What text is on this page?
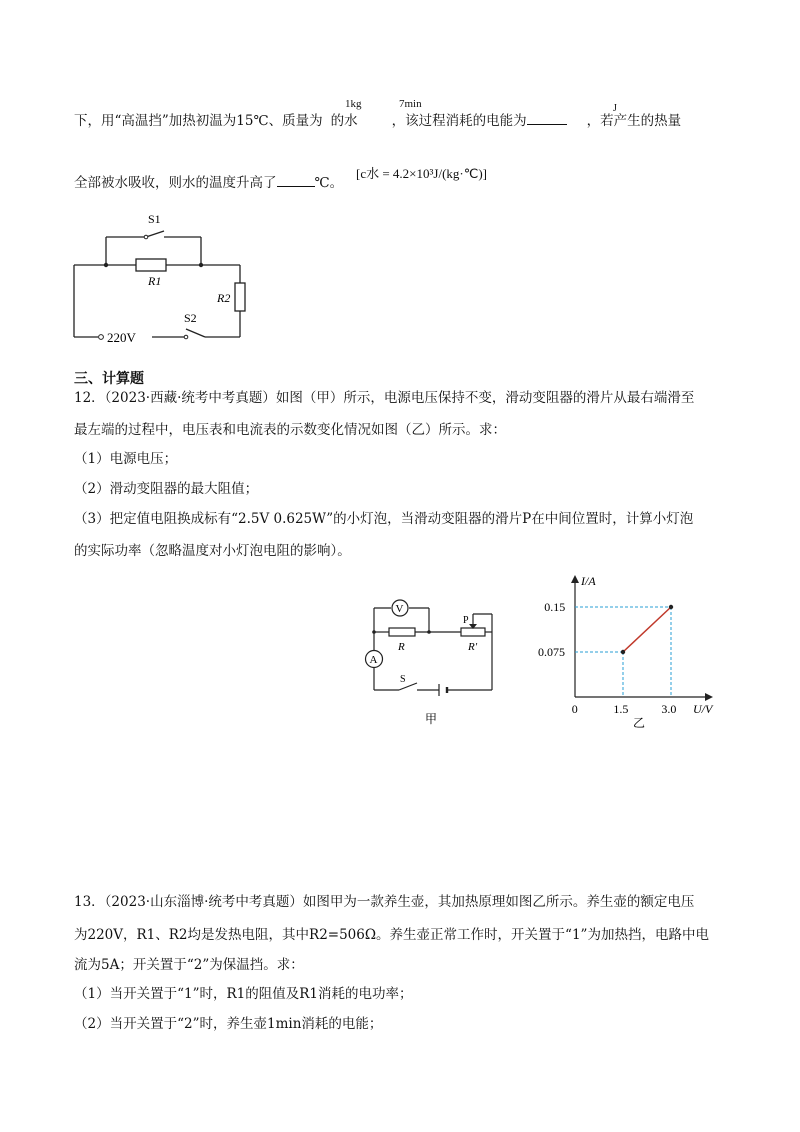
1kg	7min	J
下，用“高温挡”加热初温为15℃、质量为 的水	，该过程消耗的电能为	，若产生的热量
全部被水吸收，则水的温度升高了	℃。
[c水 = 4.2×10³J/(kg·℃)]
S1
R1
R2
S2
220V
三、计算题
12．（2023·西藏·统考中考真题）如图（甲）所示，电源电压保持不变，滑动变阻器的滑片从最右端滑至
最左端的过程中，电压表和电流表的示数变化情况如图（乙）所示。求：
（1）电源电压；
（2）滑动变阻器的最大阻值；
（3）把定值电阻换成标有“2.5V 0.625W”的小灯泡，当滑动变阻器的滑片P在中间位置时，计算小灯泡
的实际功率（忽略温度对小灯泡电阻的影响）。
V
A
R	R′
P
S
甲
0	1.5	3.0
0.075
0.15
I/A
U/V
乙
13．（2023·山东淄博·统考中考真题）如图甲为一款养生壶，其加热原理如图乙所示。养生壶的额定电压
为220V，R1、R2均是发热电阻，其中R2=506Ω。养生壶正常工作时，开关置于“1”为加热挡，电路中电
流为5A；开关置于“2”为保温挡。求：
（1）当开关置于“1”时，R1的阻值及R1消耗的电功率；
（2）当开关置于“2”时，养生壶1min消耗的电能；
